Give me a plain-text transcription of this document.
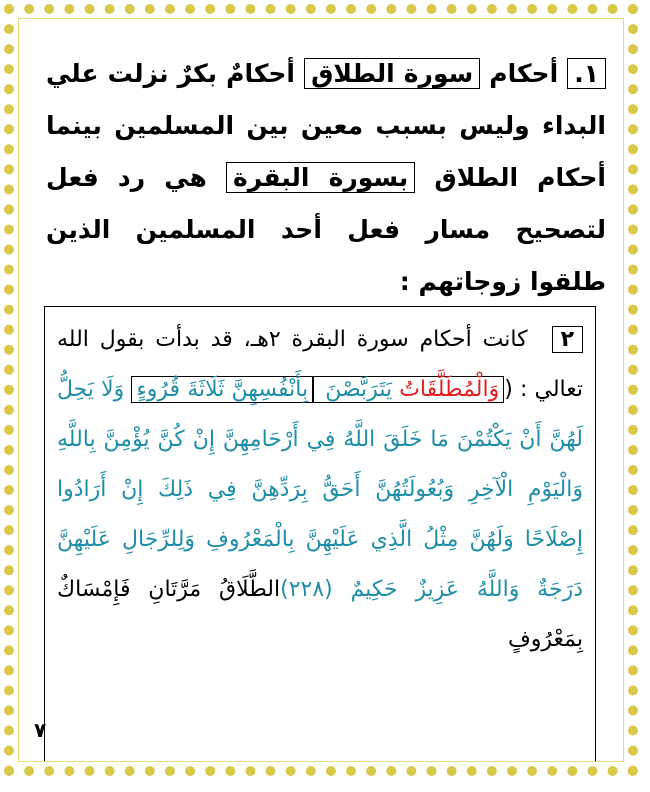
١. أحكام سورة الطلاق أحكامٌ بكرٌ نزلت علي البداء وليس بسبب معين بين المسلمين بينما أحكام الطلاق بسورة البقرة هي رد فعل لتصحيح مسار فعل أحد المسلمين الذين طلقوا زوجاتهم :
٢كانت أحكام سورة البقرة ٢هـ، قد بدأت بقول الله تعالي : (وَالْمُطَلَّقَاتُ يَتَرَبَّصْنَ بِأَنْفُسِهِنَّ ثَلَاثَةَ قُرُوءٍ وَلَا يَحِلُّ لَهُنَّ أَنْ يَكْتُمْنَ مَا خَلَقَ اللَّهُ فِي أَرْحَامِهِنَّ إِنْ كُنَّ يُؤْمِنَّ بِاللَّهِ وَالْيَوْمِ الْآخِرِ وَبُعُولَتُهُنَّ أَحَقُّ بِرَدِّهِنَّ فِي ذَلِكَ إِنْ أَرَادُوا إِصْلَاحًا وَلَهُنَّ مِثْلُ الَّذِي عَلَيْهِنَّ بِالْمَعْرُوفِ وَلِلرِّجَالِ عَلَيْهِنَّ دَرَجَةٌ وَاللَّهُ عَزِيزٌ حَكِيمٌ (٢٢٨)الطَّلَاقُ مَرَّتَانِ فَإِمْسَاكٌ بِمَعْرُوفٍ
٧
